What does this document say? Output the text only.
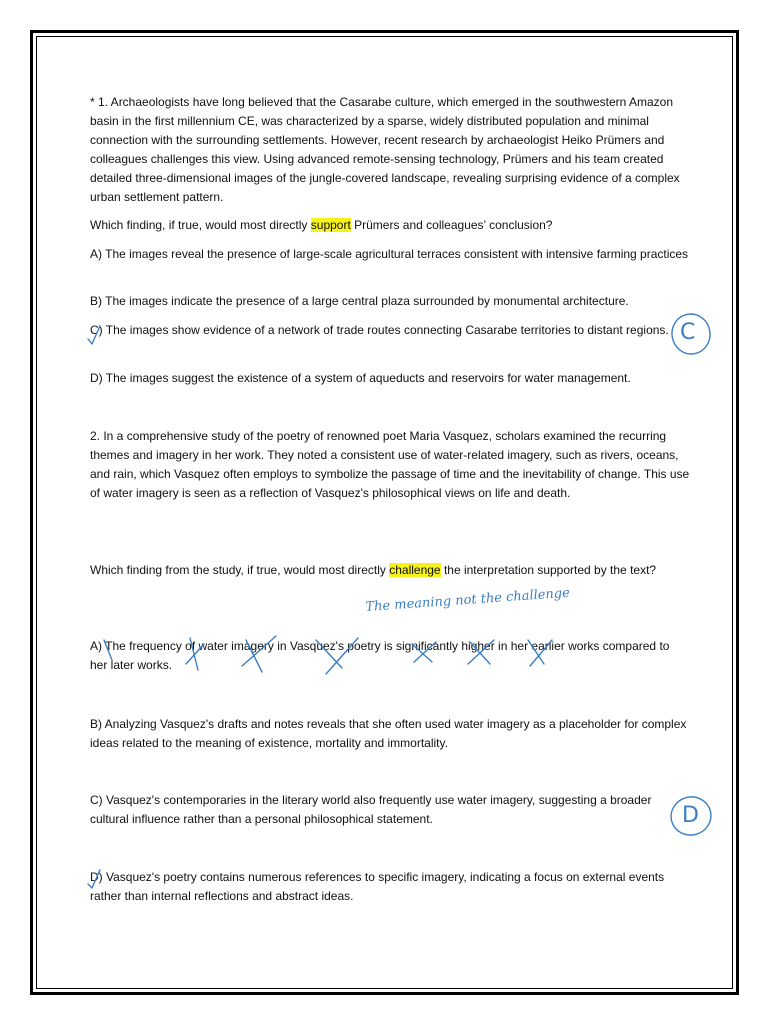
* 1. Archaeologists have long believed that the Casarabe culture, which emerged in the southwestern Amazon basin in the first millennium CE, was characterized by a sparse, widely distributed population and minimal connection with the surrounding settlements. However, recent research by archaeologist Heiko Prümers and colleagues challenges this view. Using advanced remote-sensing technology, Prümers and his team created detailed three-dimensional images of the jungle-covered landscape, revealing surprising evidence of a complex urban settlement pattern.

Which finding, if true, would most directly support Prümers and colleagues’ conclusion?

A) The images reveal the presence of large-scale agricultural terraces consistent with intensive farming practices

B) The images indicate the presence of a large central plaza surrounded by monumental architecture.

C) The images show evidence of a network of trade routes connecting Casarabe territories to distant regions.

D) The images suggest the existence of a system of aqueducts and reservoirs for water management.

2. In a comprehensive study of the poetry of renowned poet Maria Vasquez, scholars examined the recurring themes and imagery in her work. They noted a consistent use of water-related imagery, such as rivers, oceans, and rain, which Vasquez often employs to symbolize the passage of time and the inevitability of change. This use of water imagery is seen as a reflection of Vasquez's philosophical views on life and death.

Which finding from the study, if true, would most directly challenge the interpretation supported by the text?

A) The frequency of water imagery in Vasquez's poetry is significantly higher in her earlier works compared to her later works.

B) Analyzing Vasquez's drafts and notes reveals that she often used water imagery as a placeholder for complex ideas related to the meaning of existence, mortality and immortality.

C) Vasquez's contemporaries in the literary world also frequently use water imagery, suggesting a broader cultural influence rather than a personal philosophical statement.

D) Vasquez's poetry contains numerous references to specific imagery, indicating a focus on external events rather than internal reflections and abstract ideas.

The meaning not the challenge
C
D
